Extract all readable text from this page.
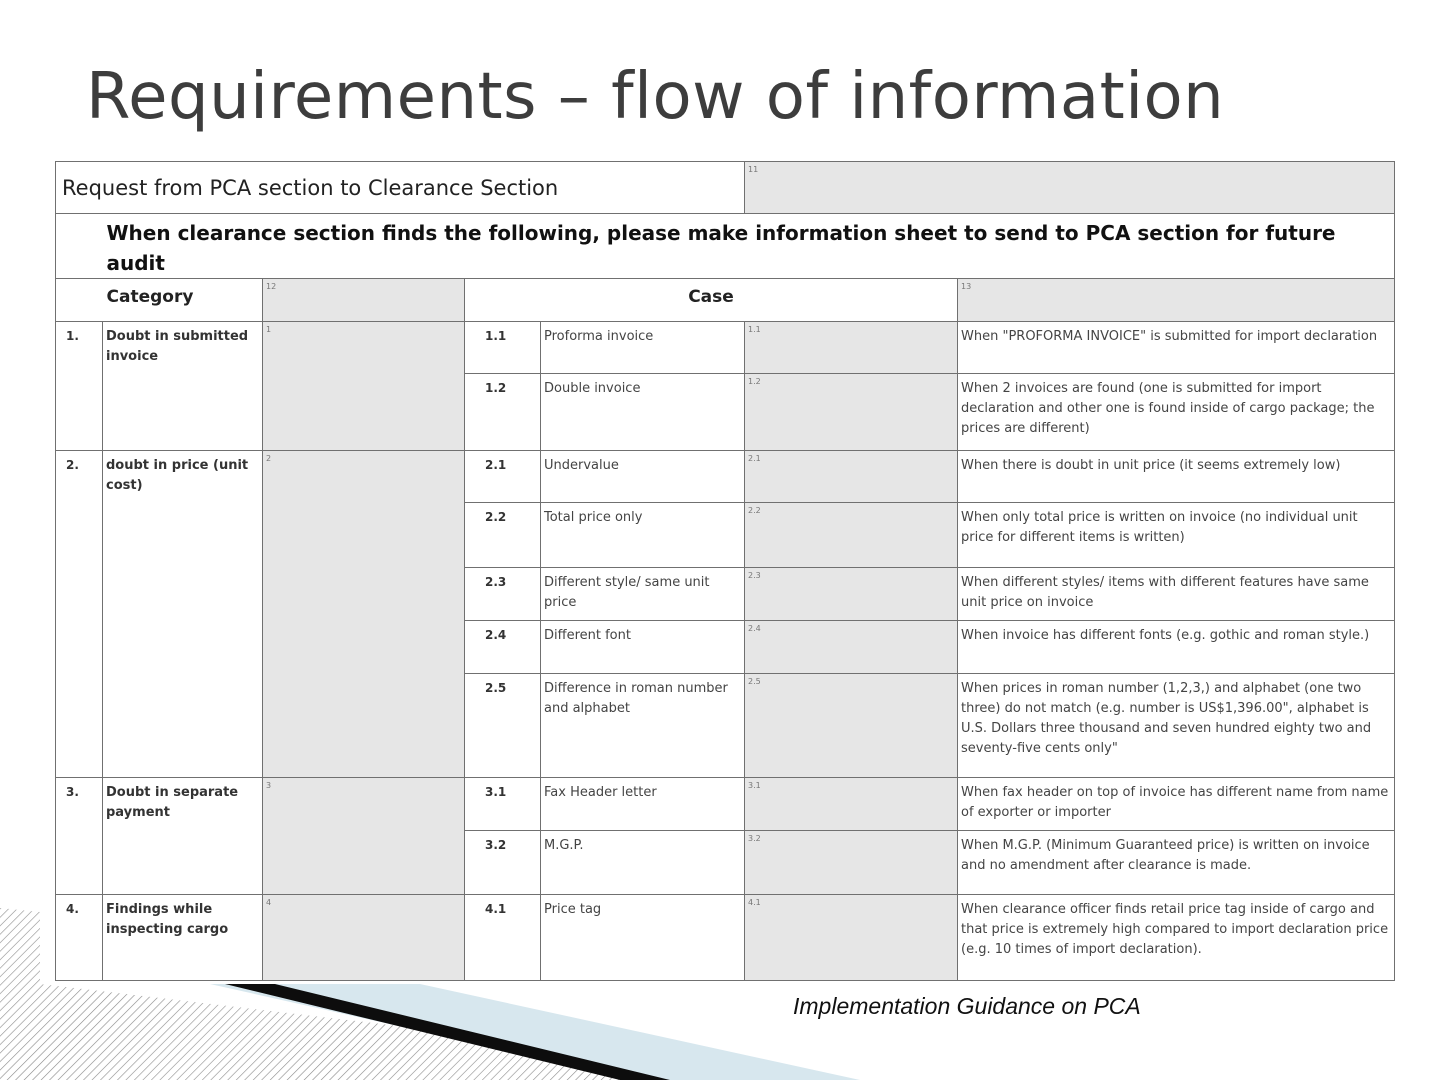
Requirements – flow of information
Request from PCA section to Clearance Section					11	
	When clearance section finds the following, please make information sheet to send to PCA section for future audit					
	Category	12	Case			13
1.	Doubt in submitted invoice	1	1.1	Proforma invoice	1.1	When "PROFORMA INVOICE" is submitted for import declaration
			1.2	Double invoice	1.2	When 2 invoices are found (one is submitted for import declaration and other one is found inside of cargo package; the prices are different)
2.	doubt in price (unit cost)	2	2.1	Undervalue	2.1	When there is doubt in unit price (it seems extremely low)
			2.2	Total price only	2.2	When only total price is written on invoice (no individual unit price for different items is written)
			2.3	Different style/ same unit price	2.3	When different styles/ items with different features have same unit price on invoice
			2.4	Different font	2.4	When invoice has different fonts (e.g. gothic and roman style.)
			2.5	Difference in roman number and alphabet	2.5	When prices in roman number (1,2,3,) and alphabet (one two three) do not match (e.g. number is US$1,396.00", alphabet is U.S. Dollars three thousand and seven hundred eighty two and seventy-five cents only"
3.	Doubt in separate payment	3	3.1	Fax Header letter	3.1	When fax header on top of invoice has different name from name of exporter or importer
			3.2	M.G.P.	3.2	When M.G.P. (Minimum Guaranteed price) is written on invoice and no amendment after clearance is made.
4.	Findings while inspecting cargo	4	4.1	Price tag	4.1	When clearance officer finds retail price tag inside of cargo and that price is extremely high compared to import declaration price (e.g. 10 times of import declaration).
Implementation Guidance on PCA
